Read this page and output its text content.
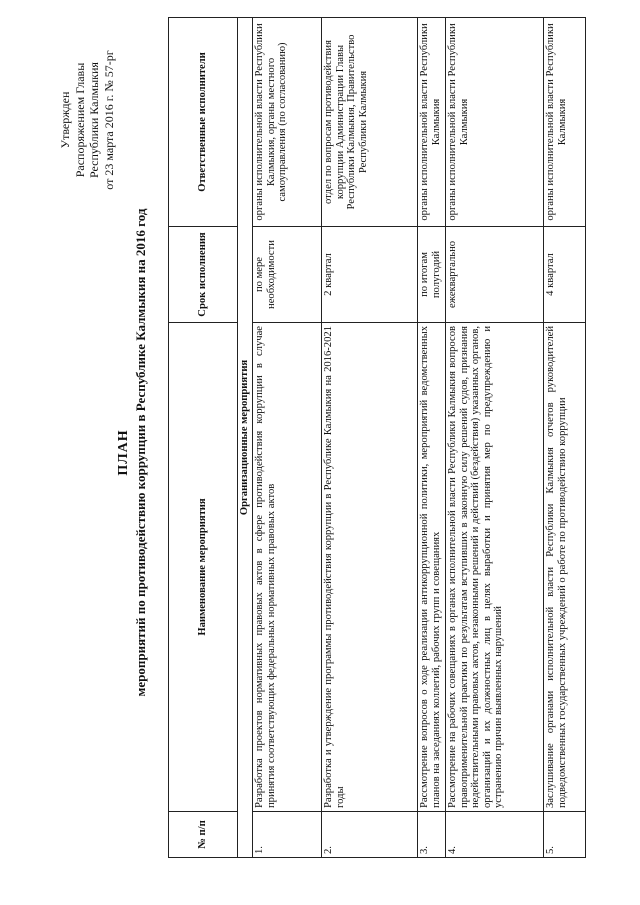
Утвержден Распоряжением Главы Республики Калмыкия от 23 марта 2016 г. № 57-рг
ПЛАН мероприятий по противодействию коррупции в Республике Калмыкия на 2016 год
№ п/п	Наименование мероприятия	Срок исполнения	Ответственные исполнители
Организационные мероприятия			
1.	Разработка проектов нормативных правовых актов в сфере противодействия коррупции в случае принятия соответствующих федеральных нормативных правовых актов	по мере необходимости	органы исполнительной власти Республики Калмыкия, органы местного самоуправления (по согласованию)
2.	Разработка и утверждение программы противодействия коррупции в Республике Калмыкия на 2016-2021 годы	2 квартал	отдел по вопросам противодействия коррупции Администрации Главы Республики Калмыкия, Правительство Республики Калмыкия
3.	Рассмотрение вопросов о ходе реализации антикоррупционной политики, мероприятий ведомственных планов на заседаниях коллегий, рабочих групп и совещаниях	по итогам полугодий	органы исполнительной власти Республики Калмыкия
4.	Рассмотрение на рабочих совещаниях в органах исполнительной власти Республики Калмыкия вопросов правоприменительной практики по результатам вступивших в законную силу решений судов, признания недействительными правовых актов, незаконными решений и действий (бездействия) указанных органов, организаций и их должностных лиц в целях выработки и принятия мер по предупреждению и устранению причин выявленных нарушений	ежеквартально	органы исполнительной власти Республики Калмыкия
5.	Заслушивание органами исполнительной власти Республики Калмыкия отчетов руководителей подведомственных государственных учреждений о работе по противодействию коррупции	4 квартал	органы исполнительной власти Республики Калмыкия
